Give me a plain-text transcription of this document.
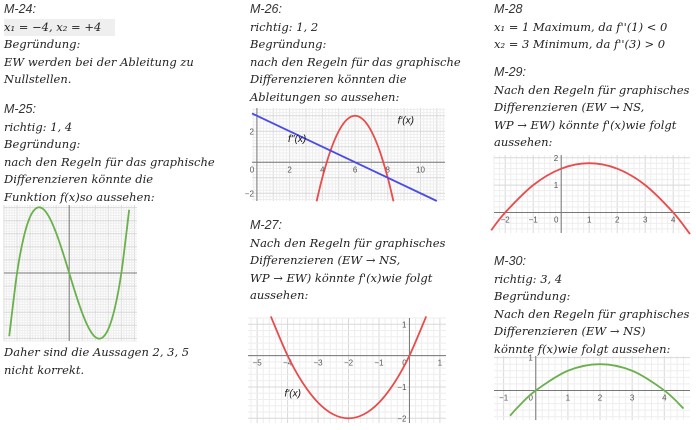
M-24:
x₁ = −4, x₂ = +4
Begründung:
EW werden bei der Ableitung zu
Nullstellen.
M-25:
richtig: 1, 4
Begründung:
nach den Regeln für das graphische
Differenzieren könnte die
Funktion f(x)so aussehen:
Daher sind die Aussagen 2, 3, 5
nicht korrekt.
M-26:
richtig: 1, 2
Begründung:
nach den Regeln für das graphische
Differenzieren könnten die
Ableitungen so aussehen:
0	2	4	6	8	10
2
−2
f'(x)
f''(x)
M-27:
Nach den Regeln für graphisches
Differenzieren (EW → NS,
WP → EW) könnte f'(x)wie folgt
aussehen:
−5	−4	−3	−2	−1 0	1
1
−1
−2
f'(x)
M-28
x₁ = 1 Maximum, da f''(1) < 0
x₂ = 3 Minimum, da f''(3) > 0
M-29:
Nach den Regeln für graphisches
Differenzieren (EW → NS,
WP → EW) könnte f'(x)wie folgt
aussehen:
−2 −1 0	1	2	3	4
2
1
M-30:
richtig: 3, 4
Begründung:
Nach den Regeln für graphisches
Differenzieren (EW → NS)
könnte f(x)wie folgt aussehen:
−1	0	1	2	3	4
1
